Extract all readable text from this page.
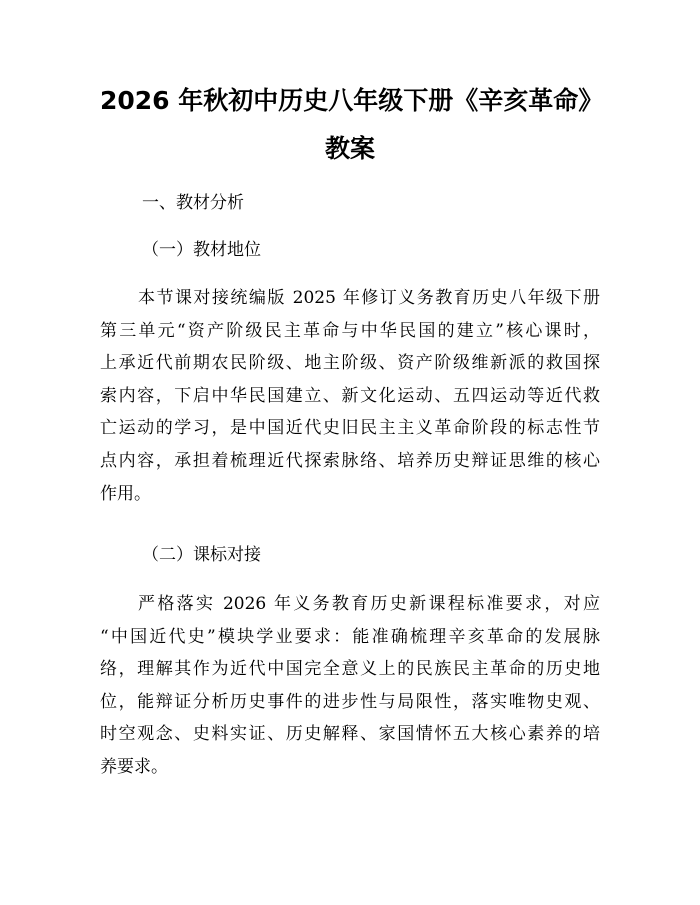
2026 年秋初中历史八年级下册《辛亥革命》
教案
一、教材分析
（一）教材地位
本节课对接统编版 2025 年修订义务教育历史八年级下册
第三单元“资产阶级民主革命与中华民国的建立”核心课时，
上承近代前期农民阶级、地主阶级、资产阶级维新派的救国探
索内容，下启中华民国建立、新文化运动、五四运动等近代救
亡运动的学习，是中国近代史旧民主主义革命阶段的标志性节
点内容，承担着梳理近代探索脉络、培养历史辩证思维的核心
作用。
（二）课标对接
严格落实 2026 年义务教育历史新课程标准要求，对应
“中国近代史”模块学业要求：能准确梳理辛亥革命的发展脉
络，理解其作为近代中国完全意义上的民族民主革命的历史地
位，能辩证分析历史事件的进步性与局限性，落实唯物史观、
时空观念、史料实证、历史解释、家国情怀五大核心素养的培
养要求。
